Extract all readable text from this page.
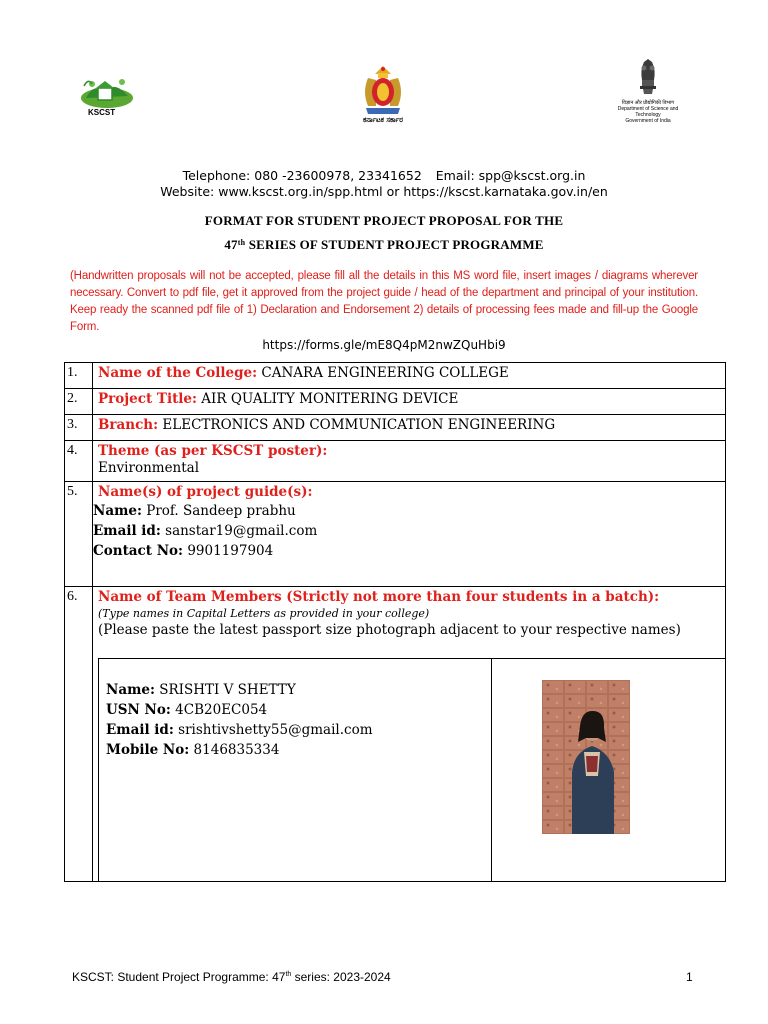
KSCST
ಕರ್ನಾಟಕ ಸರ್ಕಾರ
विज्ञान और प्रौद्योगिकी विभाग
Department of Science and Technology
Government of India
Telephone: 080 -23600978, 23341652 Email: spp@kscst.org.in
Website: www.kscst.org.in/spp.html or https://kscst.karnataka.gov.in/en
FORMAT FOR STUDENT PROJECT PROPOSAL FOR THE
47th SERIES OF STUDENT PROJECT PROGRAMME
(Handwritten proposals will not be accepted, please fill all the details in this MS word file, insert images / diagrams wherever necessary. Convert to pdf file, get it approved from the project guide / head of the department and principal of your institution. Keep ready the scanned pdf file of 1) Declaration and Endorsement 2) details of processing fees made and fill-up the Google Form.
https://forms.gle/mE8Q4pM2nwZQuHbi9
1. Name of the College: CANARA ENGINEERING COLLEGE
2. Project Title: AIR QUALITY MONITERING DEVICE
3. Branch: ELECTRONICS AND COMMUNICATION ENGINEERING
4. Theme (as per KSCST poster):
Environmental
5. Name(s) of project guide(s):
Name: Prof. Sandeep prabhu
Email id: sanstar19@gmail.com
Contact No: 9901197904
6. Name of Team Members (Strictly not more than four students in a batch):
(Type names in Capital Letters as provided in your college)
(Please paste the latest passport size photograph adjacent to your respective names)
Name: SRISHTI V SHETTY
USN No: 4CB20EC054
Email id: srishtivshetty55@gmail.com
Mobile No: 8146835334
KSCST: Student Project Programme: 47th series: 2023-2024	1
